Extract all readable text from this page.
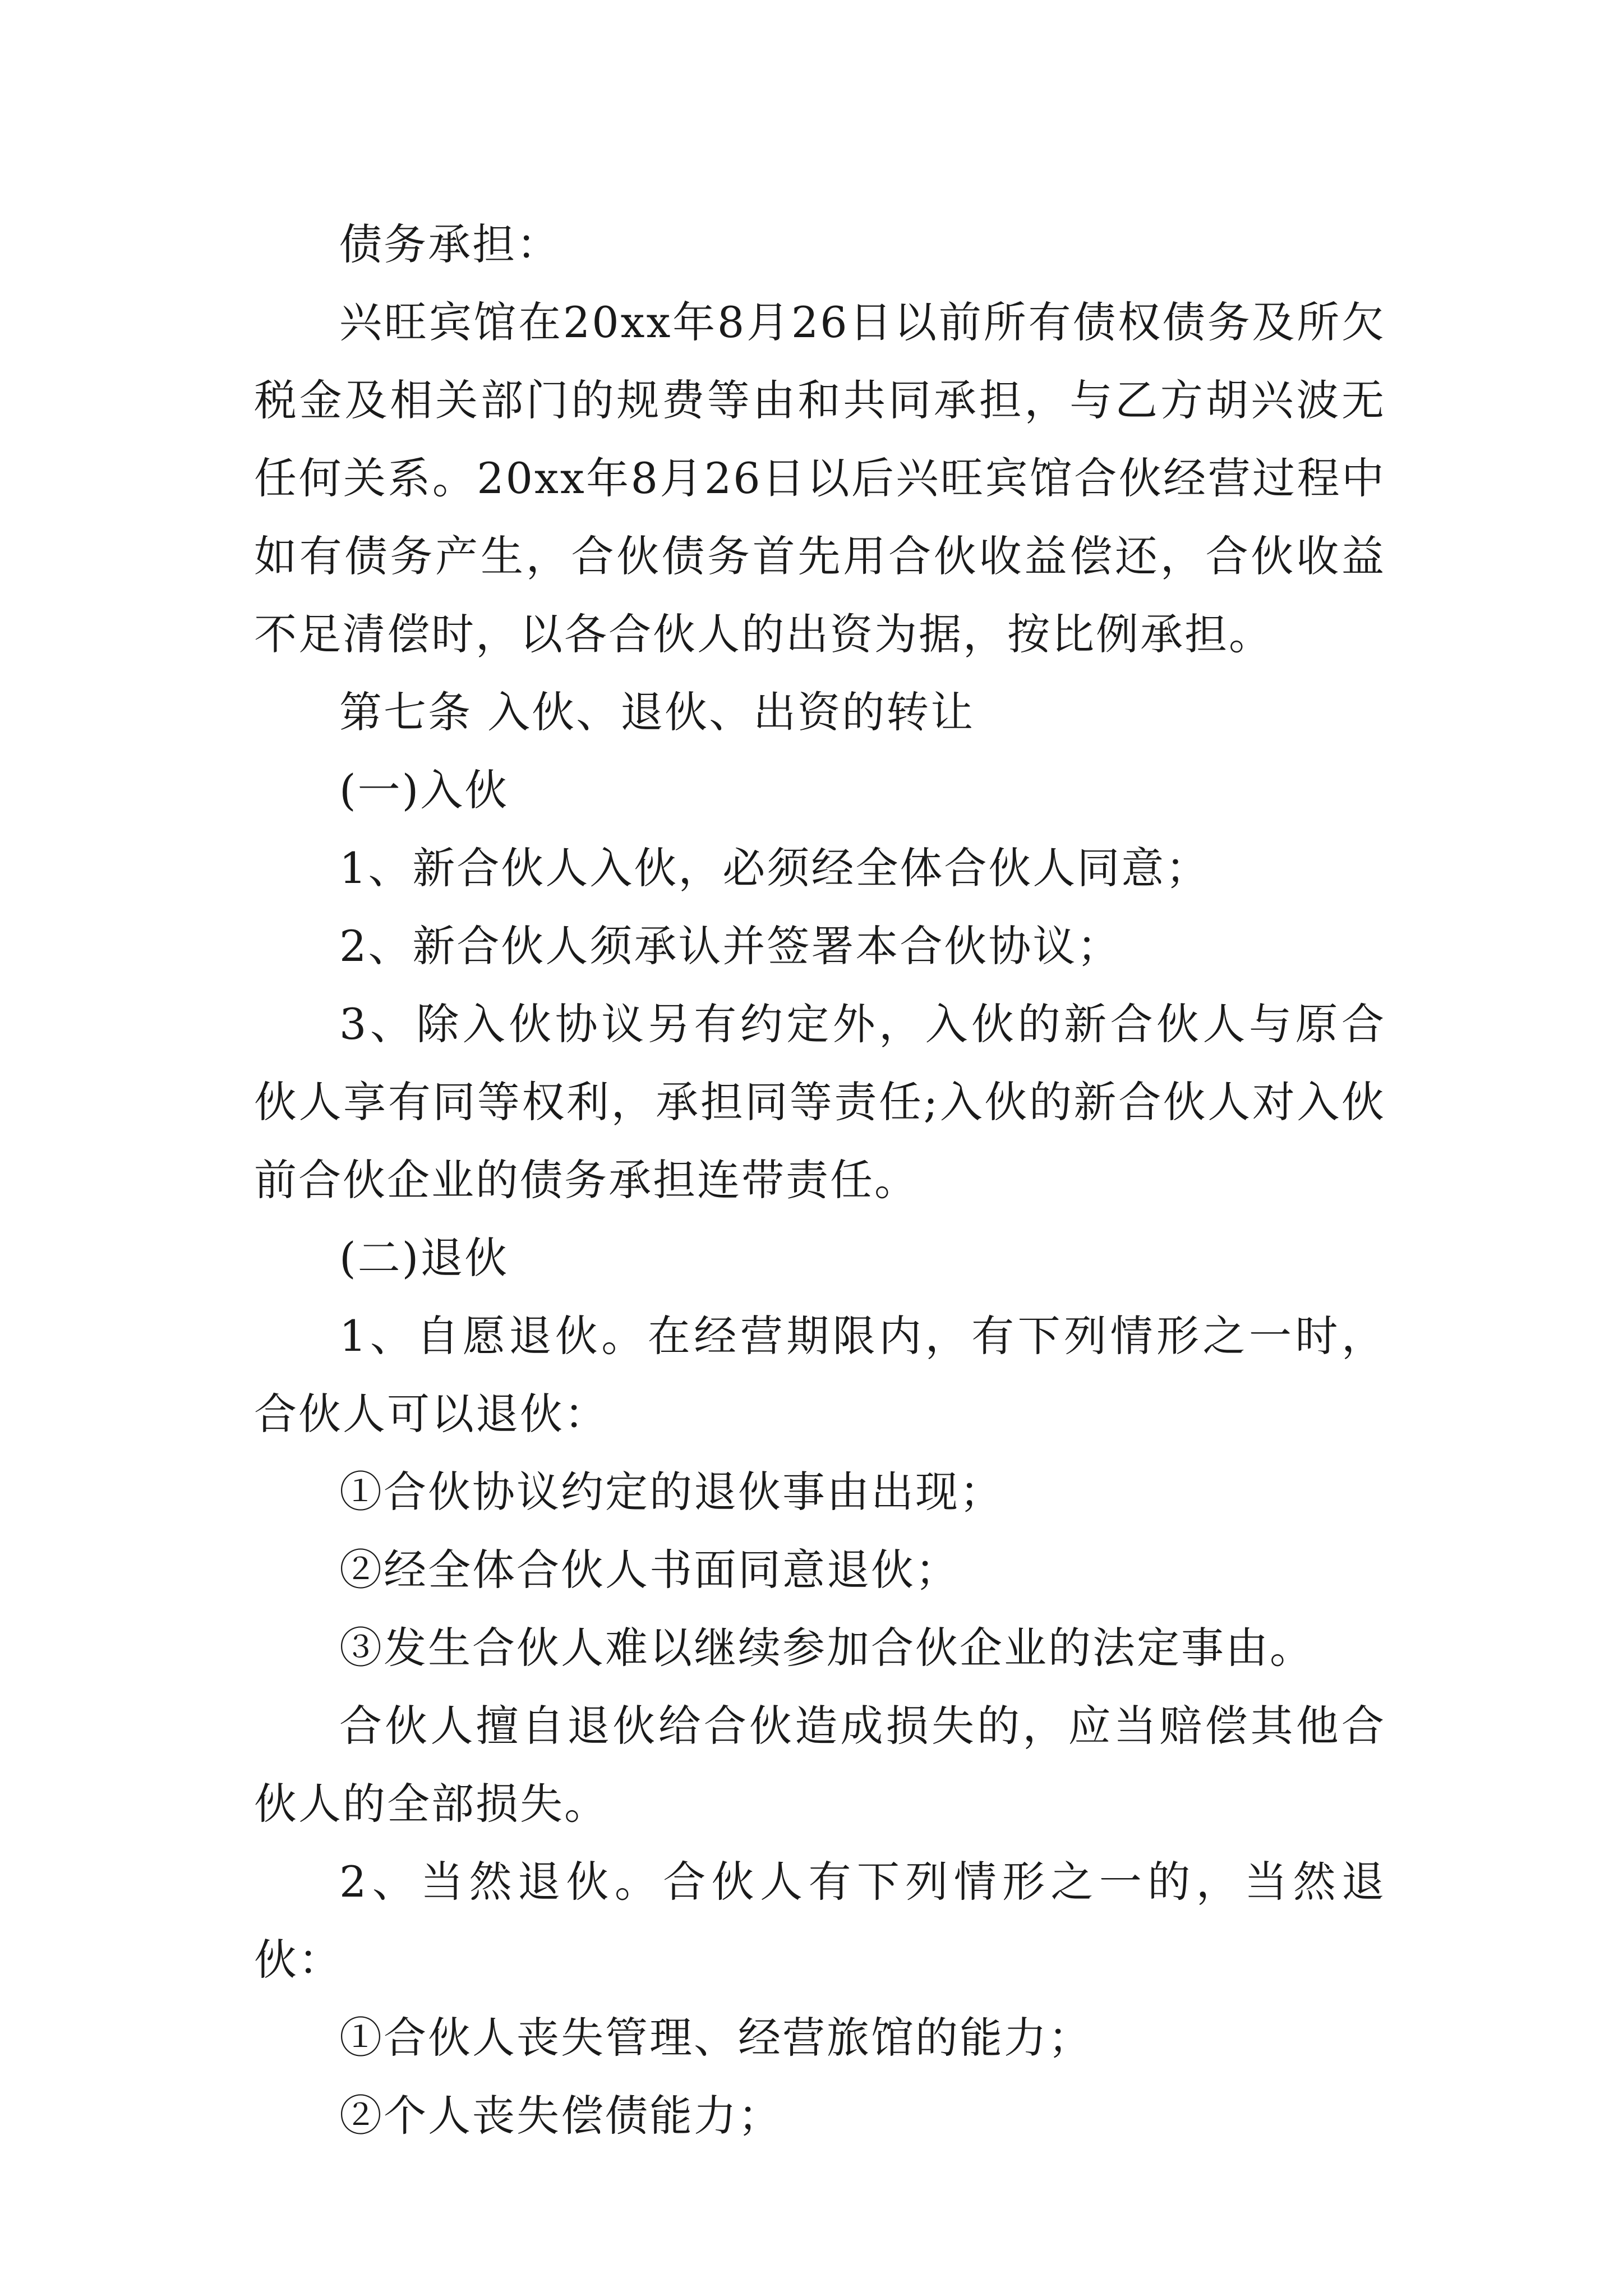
债务承担：

兴旺宾馆在20xx年8月26日以前所有债权债务及所欠税金及相关部门的规费等由和共同承担，与乙方胡兴波无任何关系。20xx年8月26日以后兴旺宾馆合伙经营过程中如有债务产生，合伙债务首先用合伙收益偿还，合伙收益不足清偿时，以各合伙人的出资为据，按比例承担。

第七条 入伙、退伙、出资的转让

(一)入伙

1、新合伙人入伙，必须经全体合伙人同意；

2、新合伙人须承认并签署本合伙协议；

3、除入伙协议另有约定外，入伙的新合伙人与原合伙人享有同等权利，承担同等责任;入伙的新合伙人对入伙前合伙企业的债务承担连带责任。

(二)退伙

1、自愿退伙。在经营期限内，有下列情形之一时，合伙人可以退伙：

①合伙协议约定的退伙事由出现；

②经全体合伙人书面同意退伙；

③发生合伙人难以继续参加合伙企业的法定事由。

合伙人擅自退伙给合伙造成损失的，应当赔偿其他合伙人的全部损失。

2、当然退伙。合伙人有下列情形之一的，当然退伙：

①合伙人丧失管理、经营旅馆的能力；

②个人丧失偿债能力；
